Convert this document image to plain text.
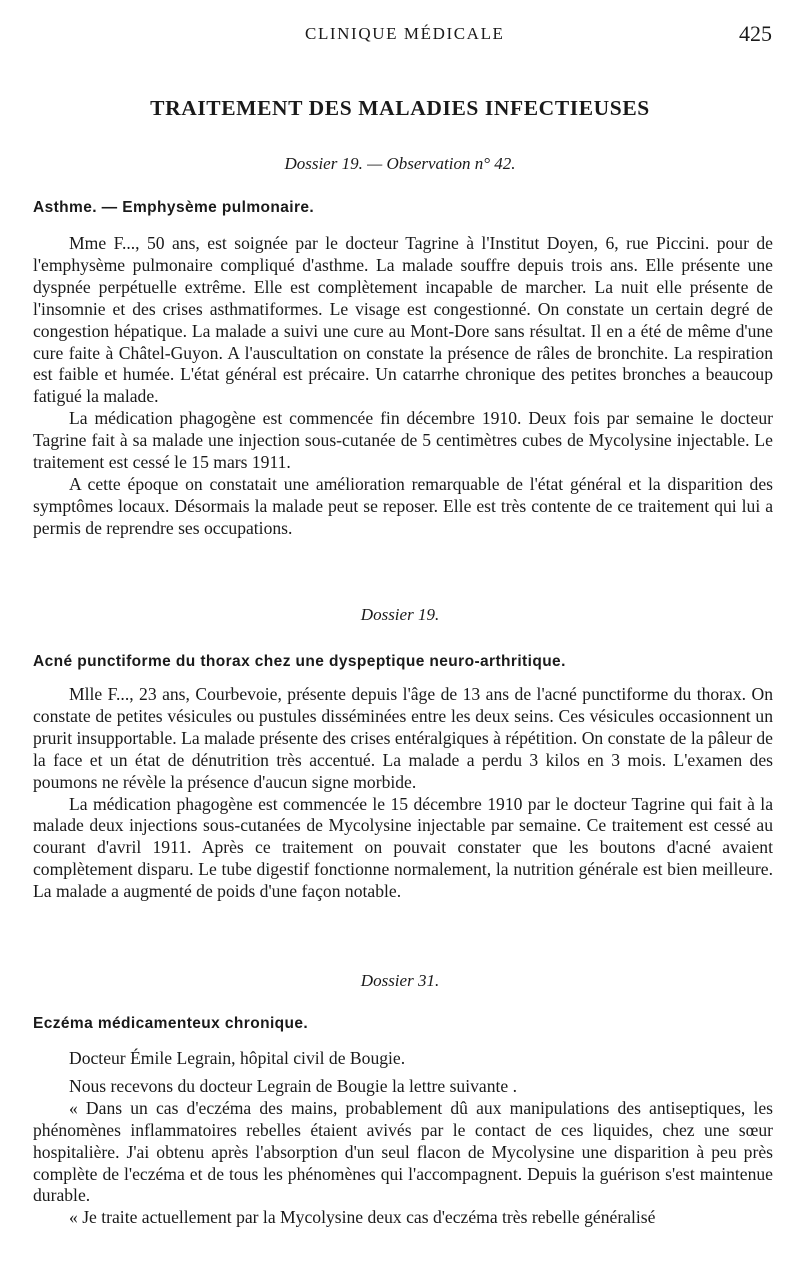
CLINIQUE MÉDICALE	425
TRAITEMENT DES MALADIES INFECTIEUSES
Dossier 19. — Observation n° 42.
Asthme. — Emphysème pulmonaire.

Mme F..., 50 ans, est soignée par le docteur Tagrine à l'Institut Doyen, 6, rue Piccini. pour de l'emphysème pulmonaire compliqué d'asthme. La malade souffre depuis trois ans. Elle présente une dyspnée perpétuelle extrême. Elle est complètement incapable de marcher. La nuit elle présente de l'insomnie et des crises asthmatiformes. Le visage est congestionné. On constate un certain degré de congestion hépatique. La malade a suivi une cure au Mont-Dore sans résultat. Il en a été de même d'une cure faite à Châtel-Guyon. A l'auscultation on constate la présence de râles de bronchite. La respiration est faible et humée. L'état général est précaire. Un catarrhe chronique des petites bronches a beaucoup fatigué la malade.

La médication phagogène est commencée fin décembre 1910. Deux fois par semaine le docteur Tagrine fait à sa malade une injection sous-cutanée de 5 centimètres cubes de Mycolysine injectable. Le traitement est cessé le 15 mars 1911.

A cette époque on constatait une amélioration remarquable de l'état général et la disparition des symptômes locaux. Désormais la malade peut se reposer. Elle est très contente de ce traitement qui lui a permis de reprendre ses occupations.

Dossier 19.
Acné punctiforme du thorax chez une dyspeptique neuro-arthritique.

Mlle F..., 23 ans, Courbevoie, présente depuis l'âge de 13 ans de l'acné punctiforme du thorax. On constate de petites vésicules ou pustules disséminées entre les deux seins. Ces vésicules occasionnent un prurit insupportable. La malade présente des crises entéralgiques à répétition. On constate de la pâleur de la face et un état de dénutrition très accentué. La malade a perdu 3 kilos en 3 mois. L'examen des poumons ne révèle la présence d'aucun signe morbide.

La médication phagogène est commencée le 15 décembre 1910 par le docteur Tagrine qui fait à la malade deux injections sous-cutanées de Mycolysine injectable par semaine. Ce traitement est cessé au courant d'avril 1911. Après ce traitement on pouvait constater que les boutons d'acné avaient complètement disparu. Le tube digestif fonctionne normalement, la nutrition générale est bien meilleure. La malade a augmenté de poids d'une façon notable.

Dossier 31.
Eczéma médicamenteux chronique.

Docteur Émile Legrain, hôpital civil de Bougie.

Nous recevons du docteur Legrain de Bougie la lettre suivante .

« Dans un cas d'eczéma des mains, probablement dû aux manipulations des antiseptiques, les phénomènes inflammatoires rebelles étaient avivés par le contact de ces liquides, chez une sœur hospitalière. J'ai obtenu après l'absorption d'un seul flacon de Mycolysine une disparition à peu près complète de l'eczéma et de tous les phénomènes qui l'accompagnent. Depuis la guérison s'est maintenue durable.

« Je traite actuellement par la Mycolysine deux cas d'eczéma très rebelle généralisé
